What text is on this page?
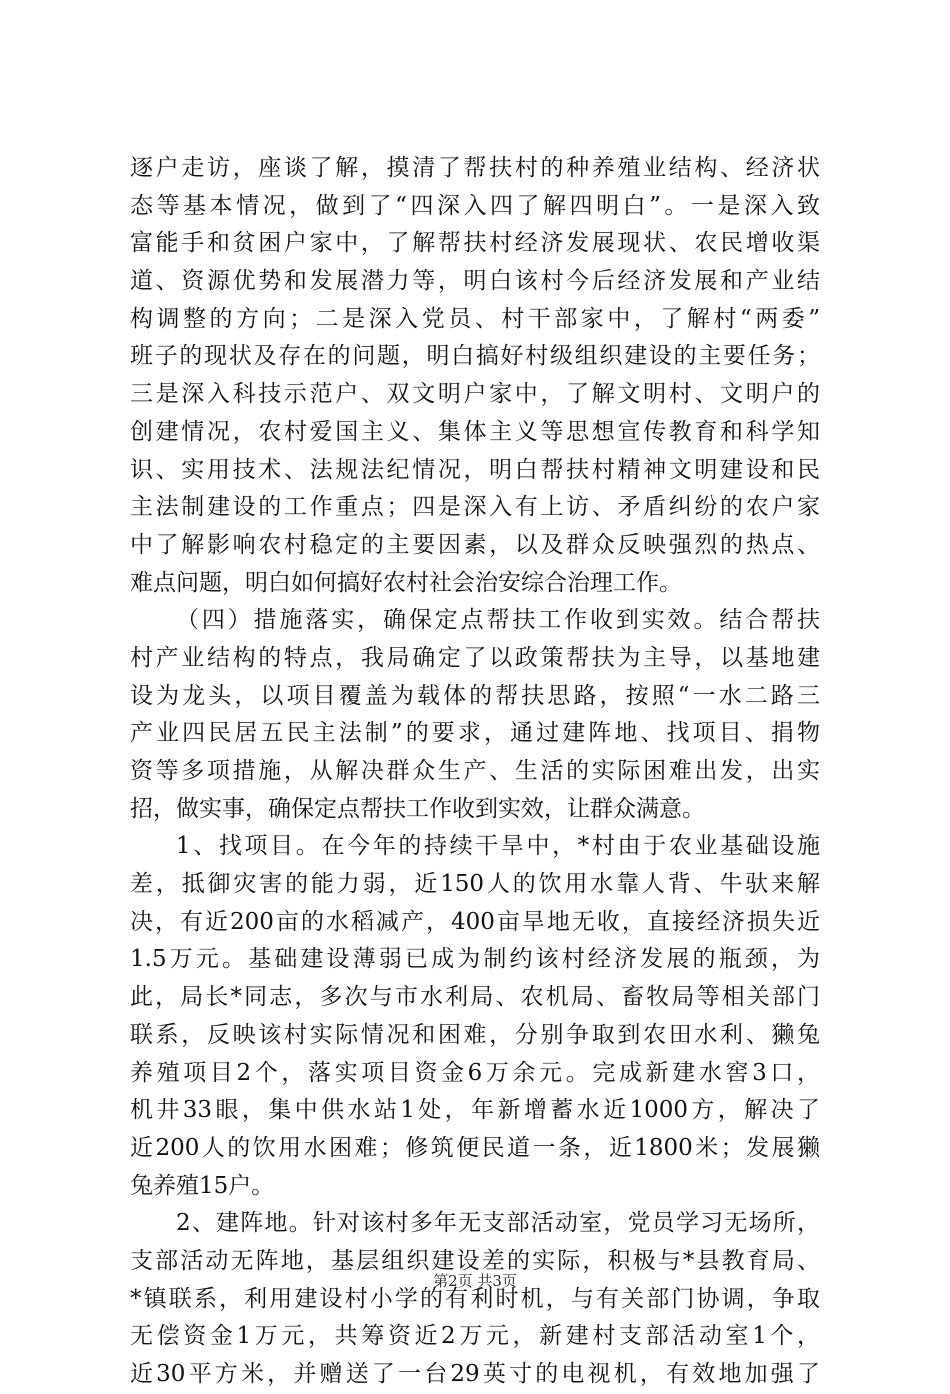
逐户走访，座谈了解，摸清了帮扶村的种养殖业结构、经济状
态等基本情况，做到了“四深入四了解四明白”。一是深入致
富能手和贫困户家中，了解帮扶村经济发展现状、农民增收渠
道、资源优势和发展潜力等，明白该村今后经济发展和产业结
构调整的方向；二是深入党员、村干部家中，了解村“两委”
班子的现状及存在的问题，明白搞好村级组织建设的主要任务；
三是深入科技示范户、双文明户家中，了解文明村、文明户的
创建情况，农村爱国主义、集体主义等思想宣传教育和科学知
识、实用技术、法规法纪情况，明白帮扶村精神文明建设和民
主法制建设的工作重点；四是深入有上访、矛盾纠纷的农户家
中了解影响农村稳定的主要因素，以及群众反映强烈的热点、
难点问题，明白如何搞好农村社会治安综合治理工作。
（四）措施落实，确保定点帮扶工作收到实效。结合帮扶
村产业结构的特点，我局确定了以政策帮扶为主导，以基地建
设为龙头，以项目覆盖为载体的帮扶思路，按照“一水二路三
产业四民居五民主法制”的要求，通过建阵地、找项目、捐物
资等多项措施，从解决群众生产、生活的实际困难出发，出实
招，做实事，确保定点帮扶工作收到实效，让群众满意。
1、找项目。在今年的持续干旱中，*村由于农业基础设施
差，抵御灾害的能力弱，近150人的饮用水靠人背、牛驮来解
决，有近200亩的水稻减产，400亩旱地无收，直接经济损失近
1.5万元。基础建设薄弱已成为制约该村经济发展的瓶颈，为
此，局长*同志，多次与市水利局、农机局、畜牧局等相关部门
联系，反映该村实际情况和困难，分别争取到农田水利、獭兔
养殖项目2个，落实项目资金6万余元。完成新建水窖3口，
机井33眼，集中供水站1处，年新增蓄水近1000方，解决了
近200人的饮用水困难；修筑便民道一条，近1800米；发展獭
兔养殖15户。
2、建阵地。针对该村多年无支部活动室，党员学习无场所，
支部活动无阵地，基层组织建设差的实际，积极与*县教育局、
*镇联系，利用建设村小学的有利时机，与有关部门协调，争取
无偿资金1万元，共筹资近2万元，新建村支部活动室1个，
近30平方米，并赠送了一台29英寸的电视机，有效地加强了
第2页 共3页
